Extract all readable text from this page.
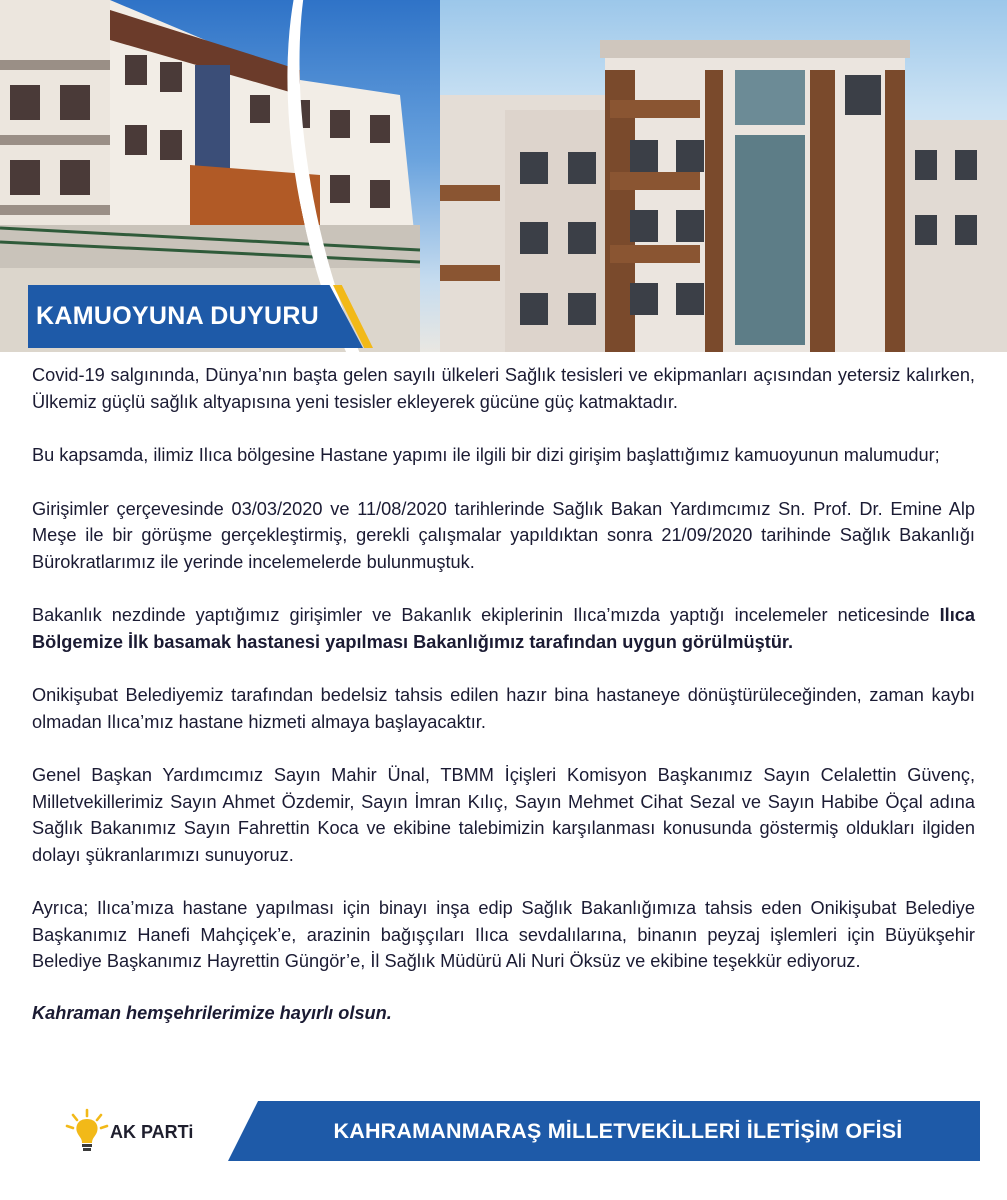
KAMUOYUNA DUYURU

Covid-19 salgınında, Dünya’nın başta gelen sayılı ülkeleri Sağlık tesisleri ve ekipmanları açısından yetersiz kalırken, Ülkemiz güçlü sağlık altyapısına yeni tesisler ekleyerek gücüne güç katmaktadır.

Bu kapsamda, ilimiz Ilıca bölgesine Hastane yapımı ile ilgili bir dizi girişim başlattığımız kamuoyunun malumudur;

Girişimler çerçevesinde 03/03/2020 ve 11/08/2020 tarihlerinde Sağlık Bakan Yardımcımız Sn. Prof. Dr. Emine Alp Meşe ile bir görüşme gerçekleştirmiş, gerekli çalışmalar yapıldıktan sonra 21/09/2020 tarihinde Sağlık Bakanlığı Bürokratlarımız ile yerinde incelemelerde bulunmuştuk.

Bakanlık nezdinde yaptığımız girişimler ve Bakanlık ekiplerinin Ilıca’mızda yaptığı incelemeler neticesinde Ilıca Bölgemize İlk basamak hastanesi yapılması Bakanlığımız tarafından uygun görülmüştür.

Onikişubat Belediyemiz tarafından bedelsiz tahsis edilen hazır bina hastaneye dönüştürüleceğinden, zaman kaybı olmadan Ilıca’mız hastane hizmeti almaya başlayacaktır.

Genel Başkan Yardımcımız Sayın Mahir Ünal, TBMM İçişleri Komisyon Başkanımız Sayın Celalettin Güvenç, Milletvekillerimiz Sayın Ahmet Özdemir, Sayın İmran Kılıç, Sayın Mehmet Cihat Sezal ve Sayın Habibe Öçal adına Sağlık Bakanımız Sayın Fahrettin Koca ve ekibine talebimizin karşılanması konusunda göstermiş oldukları ilgiden dolayı şükranlarımızı sunuyoruz.

Ayrıca; Ilıca’mıza hastane yapılması için binayı inşa edip Sağlık Bakanlığımıza tahsis eden Onikişubat Belediye Başkanımız Hanefi Mahçiçek’e, arazinin bağışçıları Ilıca sevdalılarına, binanın peyzaj işlemleri için Büyükşehir Belediye Başkanımız Hayrettin Güngör’e, İl Sağlık Müdürü Ali Nuri Öksüz ve ekibine teşekkür ediyoruz.

Kahraman hemşehrilerimize hayırlı olsun.

AK PARTi	KAHRAMANMARAŞ MİLLETVEKİLLERİ İLETİŞİM OFİSİ
